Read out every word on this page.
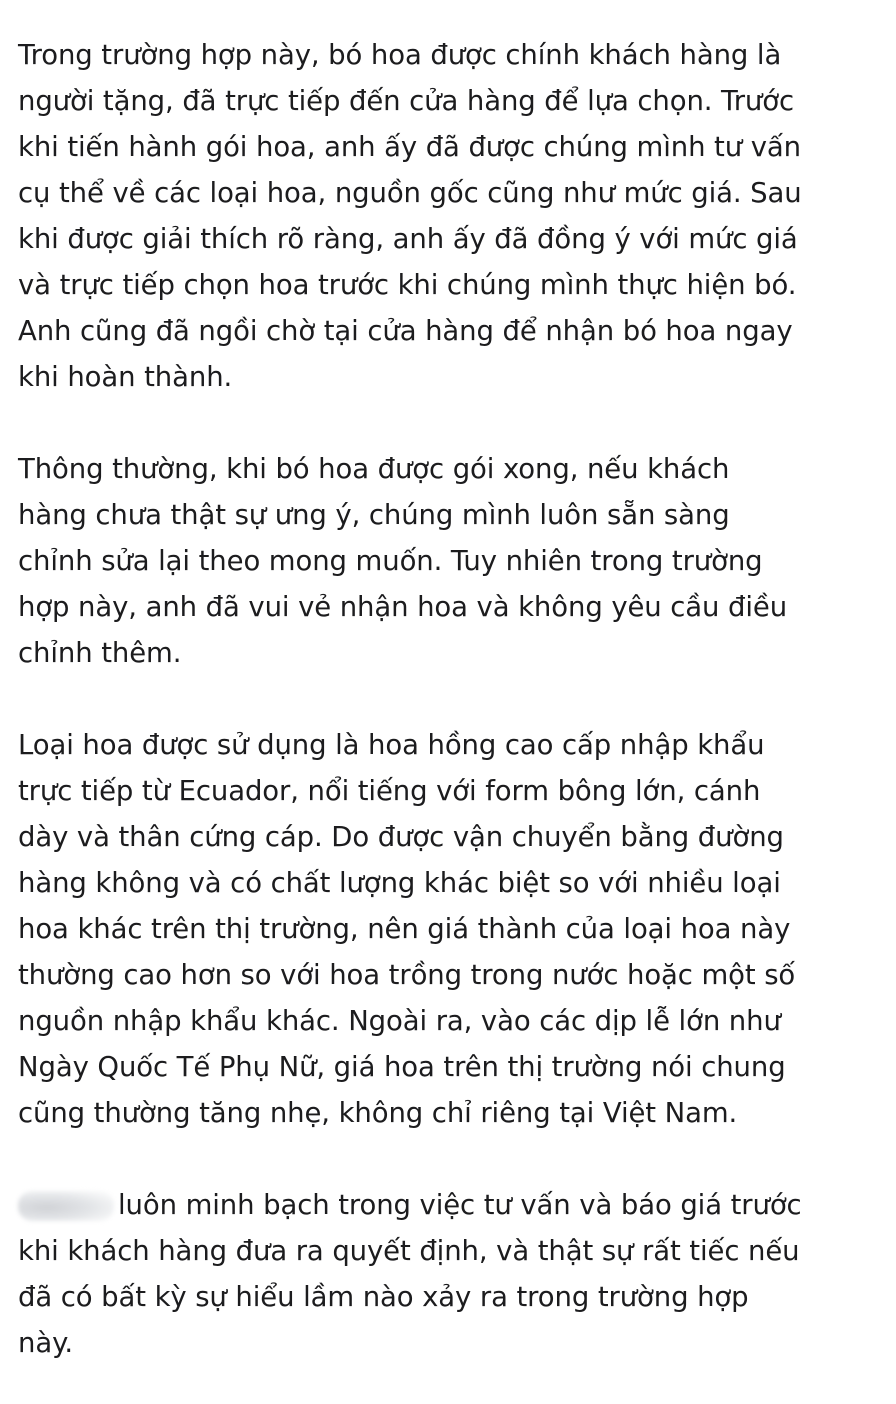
Trong trường hợp này, bó hoa được chính khách hàng là
người tặng, đã trực tiếp đến cửa hàng để lựa chọn. Trước
khi tiến hành gói hoa, anh ấy đã được chúng mình tư vấn
cụ thể về các loại hoa, nguồn gốc cũng như mức giá. Sau
khi được giải thích rõ ràng, anh ấy đã đồng ý với mức giá
và trực tiếp chọn hoa trước khi chúng mình thực hiện bó.
Anh cũng đã ngồi chờ tại cửa hàng để nhận bó hoa ngay
khi hoàn thành.
Thông thường, khi bó hoa được gói xong, nếu khách
hàng chưa thật sự ưng ý, chúng mình luôn sẵn sàng
chỉnh sửa lại theo mong muốn. Tuy nhiên trong trường
hợp này, anh đã vui vẻ nhận hoa và không yêu cầu điều
chỉnh thêm.
Loại hoa được sử dụng là hoa hồng cao cấp nhập khẩu
trực tiếp từ Ecuador, nổi tiếng với form bông lớn, cánh
dày và thân cứng cáp. Do được vận chuyển bằng đường
hàng không và có chất lượng khác biệt so với nhiều loại
hoa khác trên thị trường, nên giá thành của loại hoa này
thường cao hơn so với hoa trồng trong nước hoặc một số
nguồn nhập khẩu khác. Ngoài ra, vào các dịp lễ lớn như
Ngày Quốc Tế Phụ Nữ, giá hoa trên thị trường nói chung
cũng thường tăng nhẹ, không chỉ riêng tại Việt Nam.
luôn minh bạch trong việc tư vấn và báo giá trước
khi khách hàng đưa ra quyết định, và thật sự rất tiếc nếu
đã có bất kỳ sự hiểu lầm nào xảy ra trong trường hợp
này.
